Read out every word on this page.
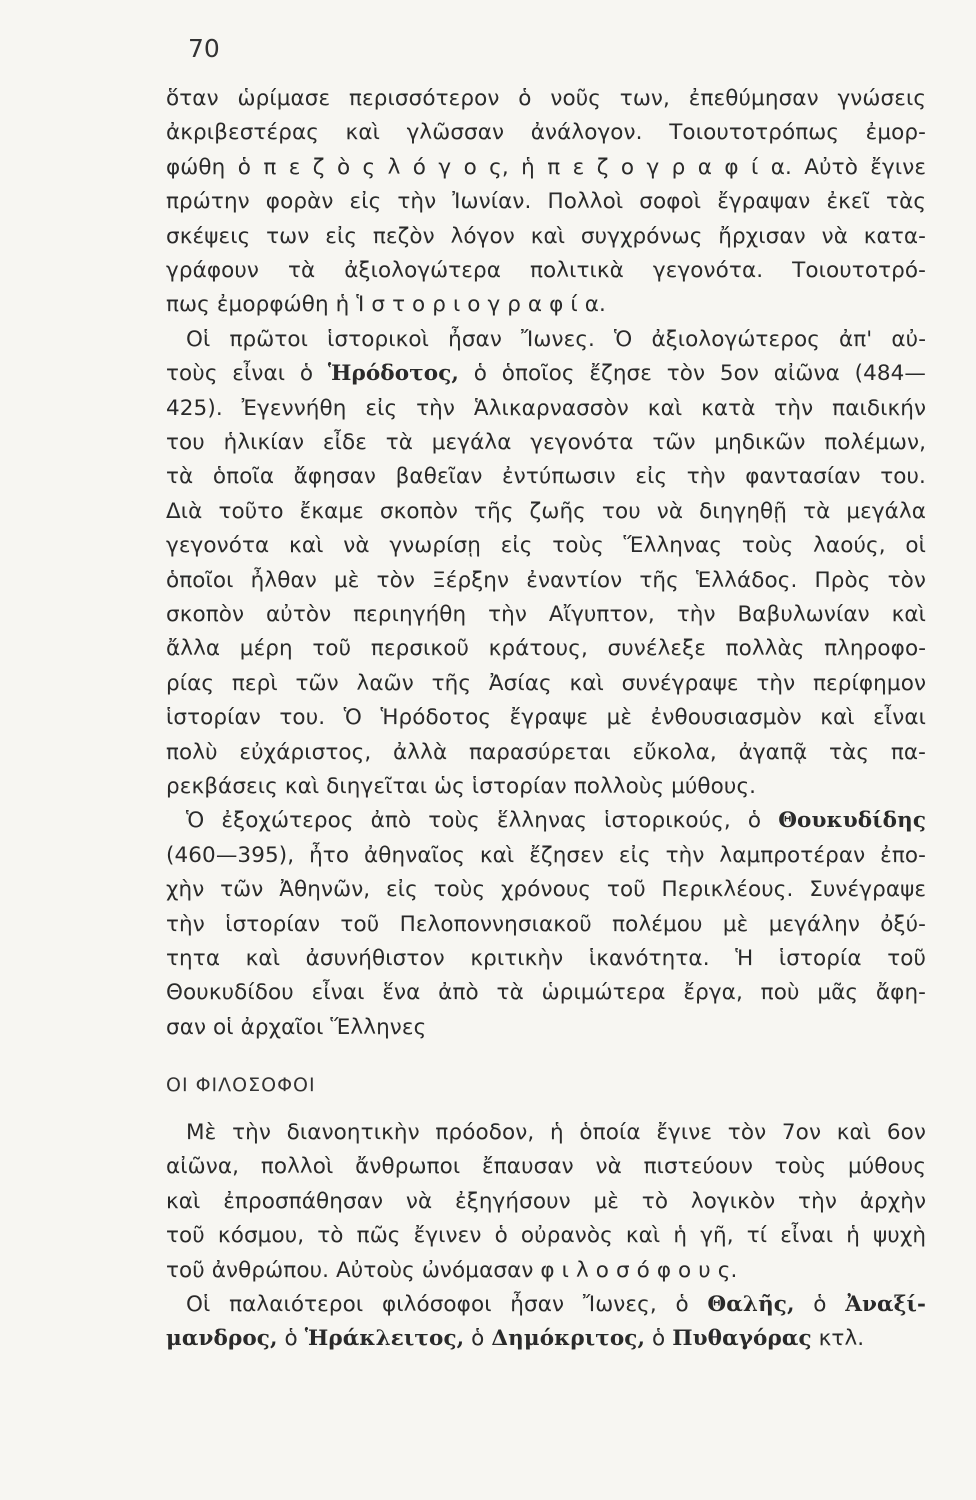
70
ὅταν ὡρίμασε περισσότερον ὁ νοῦς των, ἐπεθύμησαν γνώσεις
ἀκριβεστέρας καὶ γλῶσσαν ἀνάλογον. Τοιουτοτρόπως ἐμορ-
φώθη ὁ π ε ζ ὸ ς λ ό γ ο ς, ἡ π ε ζ ο γ ρ α φ ί α. Αὐτὸ ἔγινε
πρώτην φορὰν εἰς τὴν Ἰωνίαν. Πολλοὶ σοφοὶ ἔγραψαν ἐκεῖ τὰς
σκέψεις των εἰς πεζὸν λόγον καὶ συγχρόνως ἤρχισαν νὰ κατα-
γράφουν τὰ ἀξιολογώτερα πολιτικὰ γεγονότα. Τοιουτοτρό-
πως ἐμορφώθη ἡ Ἱ σ τ ο ρ ι ο γ ρ α φ ί α.
Οἱ πρῶτοι ἱστορικοὶ ἦσαν Ἴωνες. Ὁ ἀξιολογώτερος ἀπ' αὐ-
τοὺς εἶναι ὁ Ἡρόδοτος, ὁ ὁποῖος ἔζησε τὸν 5ον αἰῶνα (484—
425). Ἐγεννήθη εἰς τὴν Ἁλικαρνασσὸν καὶ κατὰ τὴν παιδικήν
του ἡλικίαν εἶδε τὰ μεγάλα γεγονότα τῶν μηδικῶν πολέμων,
τὰ ὁποῖα ἄφησαν βαθεῖαν ἐντύπωσιν εἰς τὴν φαντασίαν του.
Διὰ τοῦτο ἔκαμε σκοπὸν τῆς ζωῆς του νὰ διηγηθῇ τὰ μεγάλα
γεγονότα καὶ νὰ γνωρίσῃ εἰς τοὺς Ἕλληνας τοὺς λαούς, οἱ
ὁποῖοι ἦλθαν μὲ τὸν Ξέρξην ἐναντίον τῆς Ἑλλάδος. Πρὸς τὸν
σκοπὸν αὐτὸν περιηγήθη τὴν Αἴγυπτον, τὴν Βαβυλωνίαν καὶ
ἄλλα μέρη τοῦ περσικοῦ κράτους, συνέλεξε πολλὰς πληροφο-
ρίας περὶ τῶν λαῶν τῆς Ἀσίας καὶ συνέγραψε τὴν περίφημον
ἱστορίαν του. Ὁ Ἡρόδοτος ἔγραψε μὲ ἐνθουσιασμὸν καὶ εἶναι
πολὺ εὐχάριστος, ἀλλὰ παρασύρεται εὔκολα, ἀγαπᾷ τὰς πα-
ρεκβάσεις καὶ διηγεῖται ὡς ἱστορίαν πολλοὺς μύθους.
Ὁ ἐξοχώτερος ἀπὸ τοὺς ἕλληνας ἱστορικούς, ὁ Θουκυδίδης
(460—395), ἦτο ἀθηναῖος καὶ ἔζησεν εἰς τὴν λαμπροτέραν ἐπο-
χὴν τῶν Ἀθηνῶν, εἰς τοὺς χρόνους τοῦ Περικλέους. Συνέγραψε
τὴν ἱστορίαν τοῦ Πελοποννησιακοῦ πολέμου μὲ μεγάλην ὀξύ-
τητα καὶ ἀσυνήθιστον κριτικὴν ἱκανότητα. Ἡ ἱστορία τοῦ
Θουκυδίδου εἶναι ἕνα ἀπὸ τὰ ὡριμώτερα ἔργα, ποὺ μᾶς ἄφη-
σαν οἱ ἀρχαῖοι Ἕλληνες
ΟΙ ΦΙΛΟΣΟΦΟΙ
Μὲ τὴν διανοητικὴν πρόοδον, ἡ ὁποία ἔγινε τὸν 7ον καὶ 6ον
αἰῶνα, πολλοὶ ἄνθρωποι ἔπαυσαν νὰ πιστεύουν τοὺς μύθους
καὶ ἐπροσπάθησαν νὰ ἐξηγήσουν μὲ τὸ λογικὸν τὴν ἀρχὴν
τοῦ κόσμου, τὸ πῶς ἔγινεν ὁ οὐρανὸς καὶ ἡ γῆ, τί εἶναι ἡ ψυχὴ
τοῦ ἀνθρώπου. Αὐτοὺς ὠνόμασαν φ ι λ ο σ ό φ ο υ ς.
Οἱ παλαιότεροι φιλόσοφοι ἦσαν Ἴωνες, ὁ Θαλῆς, ὁ Ἀναξί-
μανδρος, ὁ Ἡράκλειτος, ὁ Δημόκριτος, ὁ Πυθαγόρας κτλ.
